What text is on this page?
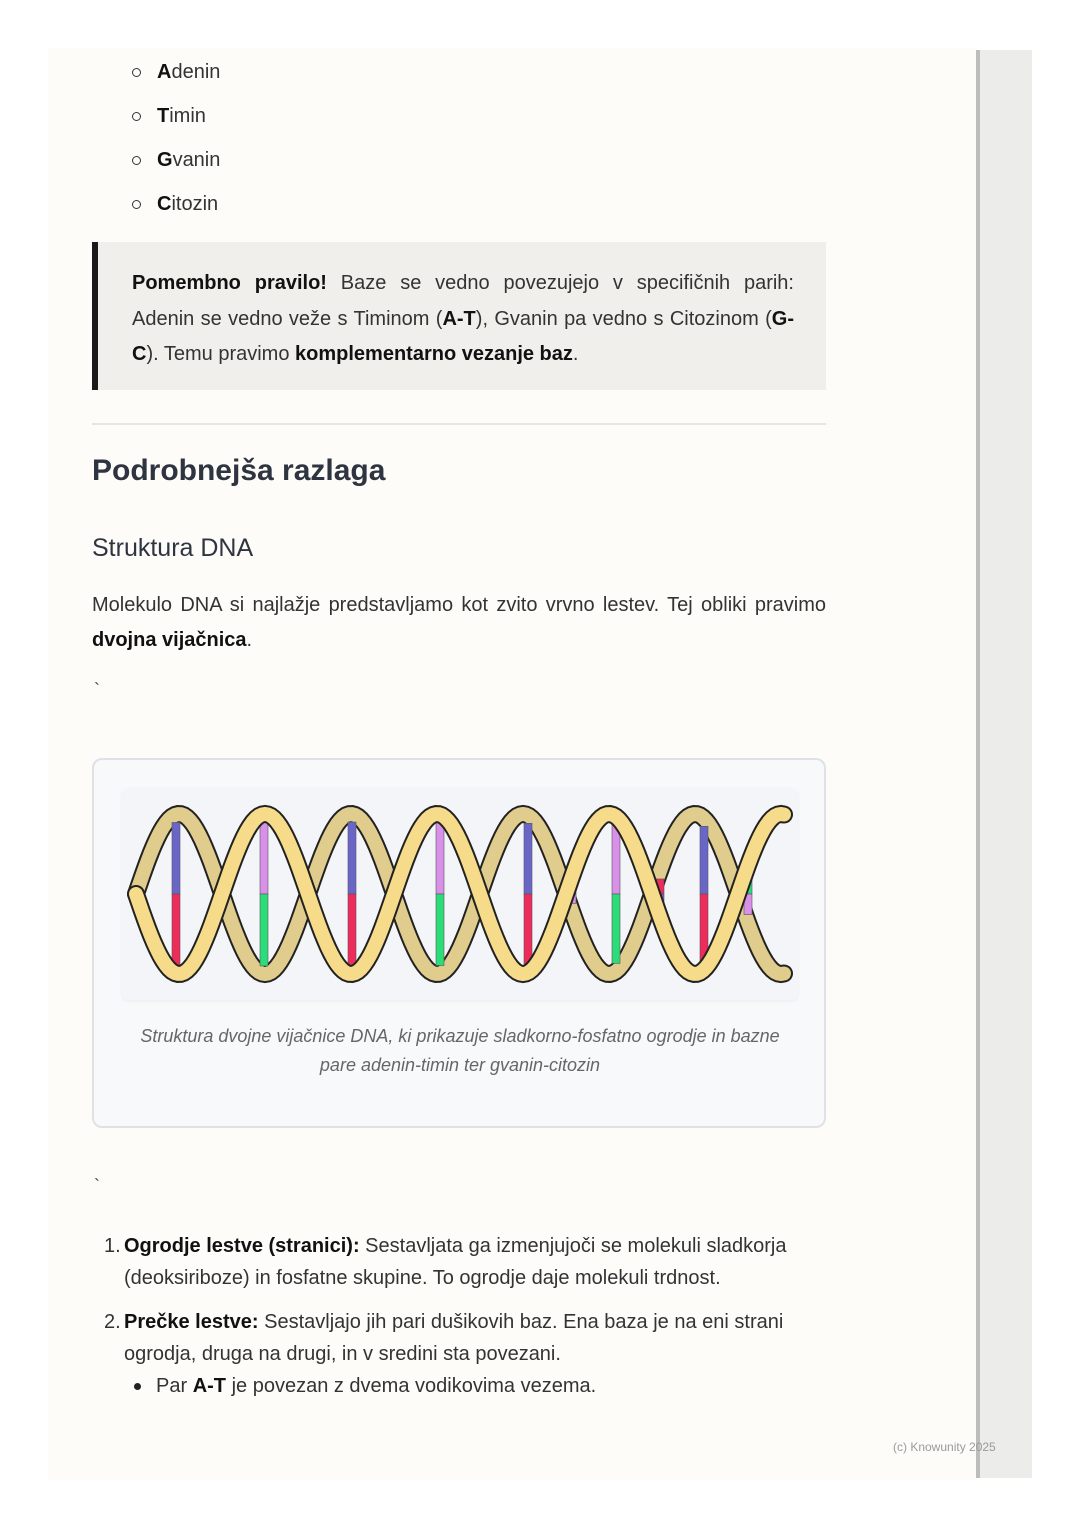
A denin
T imin
G vanin
C itozin
Pomembno pravilo! Baze se vedno povezujejo v specifičnih parih: Adenin se vedno veže s Timinom (A-T), Gvanin pa vedno s Citozinom (G-C). Temu pravimo komplementarno vezanje baz.
Podrobnejša razlaga
Struktura DNA

Molekulo DNA si najlažje predstavljamo kot zvito vrvno lestev. Tej obliki pravimo dvojna vijačnica.

`

Struktura dvojne vijačnice DNA, ki prikazuje sladkorno-fosfatno ogrodje in bazne pare adenin-timin ter gvanin-citozin

`
1. Ogrodje lestve (stranici): Sestavljata ga izmenjujoči se molekuli sladkorja (deoksiriboze) in fosfatne skupine. To ogrodje daje molekuli trdnost.
2. Prečke lestve: Sestavljajo jih pari dušikovih baz. Ena baza je na eni strani ogrodja, druga na drugi, in v sredini sta povezani.
Par A-T je povezan z dvema vodikovima vezema.
(c) Knowunity 2025
